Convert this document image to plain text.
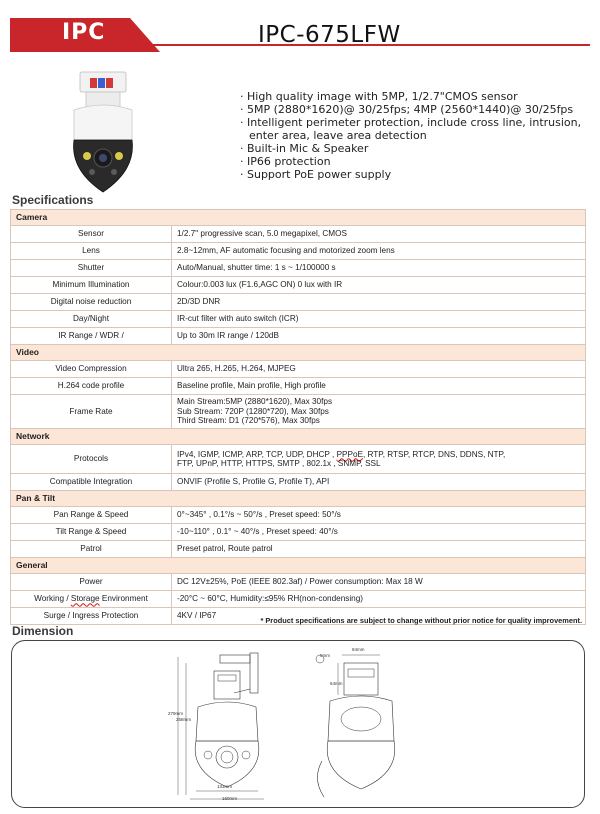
IPC	IPC-675LFW
· High quality image with 5MP, 1/2.7"CMOS sensor
· 5MP (2880*1620)@ 30/25fps; 4MP (2560*1440)@ 30/25fps
· Intelligent perimeter protection, include cross line, intrusion, enter area, leave area detection
· Built-in Mic & Speaker
· IP66 protection
· Support PoE power supply
Specifications
Camera	
Sensor	1/2.7" progressive scan, 5.0 megapixel, CMOS
Lens	2.8~12mm, AF automatic focusing and motorized zoom lens
Shutter	Auto/Manual, shutter time: 1 s ~ 1/100000 s
Minimum Illumination	Colour:0.003 lux (F1.6,AGC ON) 0 lux with IR
Digital noise reduction	2D/3D DNR
Day/Night	IR-cut filter with auto switch (ICR)
IR Range / WDR /	Up to 30m IR range / 120dB
Video	
Video Compression	Ultra 265, H.265, H.264, MJPEG
H.264 code profile	Baseline profile, Main profile, High profile
Frame Rate	Main Stream:5MP (2880*1620), Max 30fps
Sub Stream: 720P (1280*720), Max 30fps
Third Stream: D1 (720*576), Max 30fps

Network	
Protocols	IPv4, IGMP, ICMP, ARP, TCP, UDP, DHCP , PPPoE, RTP, RTSP, RTCP, DNS, DDNS, NTP,
FTP, UPnP, HTTP, HTTPS, SMTP , 802.1x , SNMP, SSL

Compatible Integration	ONVIF (Profile S, Profile G, Profile T), API
Pan & Tilt	
Pan Range & Speed	0°~345° , 0.1°/s ~ 50°/s , Preset speed: 50°/s
Tilt Range & Speed	-10~110° , 0.1° ~ 40°/s , Preset speed: 40°/s
Patrol	Preset patrol, Route patrol
General	
Power	DC 12V±25%, PoE (IEEE 802.3af) / Power consumption: Max 18 W
Working / Storage Environment	-20°C ~ 60°C, Humidity:≤95% RH(non-condensing)
Surge / Ingress Protection	4KV / IP67
* Product specifications are subject to change without prior notice for quality improvement.
Dimension
279mm
258mm
133mm
160mm
5mm
84mm
64mm
